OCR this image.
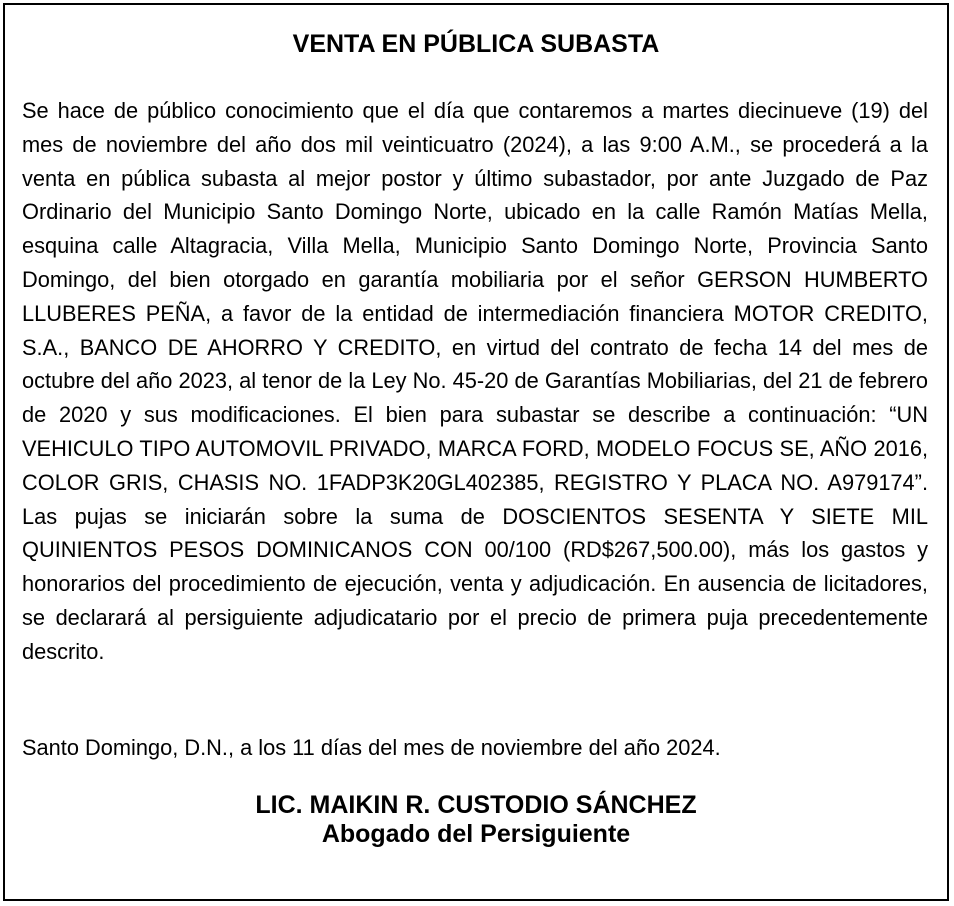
VENTA EN PÚBLICA SUBASTA

Se hace de público conocimiento que el día que contaremos a martes diecinueve (19) del mes de noviembre del año dos mil veinticuatro (2024), a las 9:00 A.M., se procederá a la venta en pública subasta al mejor postor y último subastador, por ante Juzgado de Paz Ordinario del Municipio Santo Domingo Norte, ubicado en la calle Ramón Matías Mella, esquina calle Altagracia, Villa Mella, Municipio Santo Domingo Norte, Provincia Santo Domingo, del bien otorgado en garantía mobiliaria por el señor GERSON HUMBERTO LLUBERES PEÑA, a favor de la entidad de intermediación financiera MOTOR CREDITO, S.A., BANCO DE AHORRO Y CREDITO, en virtud del contrato de fecha 14 del mes de octubre del año 2023, al tenor de la Ley No. 45-20 de Garantías Mobiliarias, del 21 de febrero de 2020 y sus modificaciones. El bien para subastar se describe a continuación: “UN VEHICULO TIPO AUTOMOVIL PRIVADO, MARCA FORD, MODELO FOCUS SE, AÑO 2016, COLOR GRIS, CHASIS NO. 1FADP3K20GL402385, REGISTRO Y PLACA NO. A979174”. Las pujas se iniciarán sobre la suma de DOSCIENTOS SESENTA Y SIETE MIL QUINIENTOS PESOS DOMINICANOS CON 00/100 (RD$267,500.00), más los gastos y honorarios del procedimiento de ejecución, venta y adjudicación. En ausencia de licitadores, se declarará al persiguiente adjudicatario por el precio de primera puja precedentemente descrito.

Santo Domingo, D.N., a los 11 días del mes de noviembre del año 2024.

LIC. MAIKIN R. CUSTODIO SÁNCHEZ
Abogado del Persiguiente
